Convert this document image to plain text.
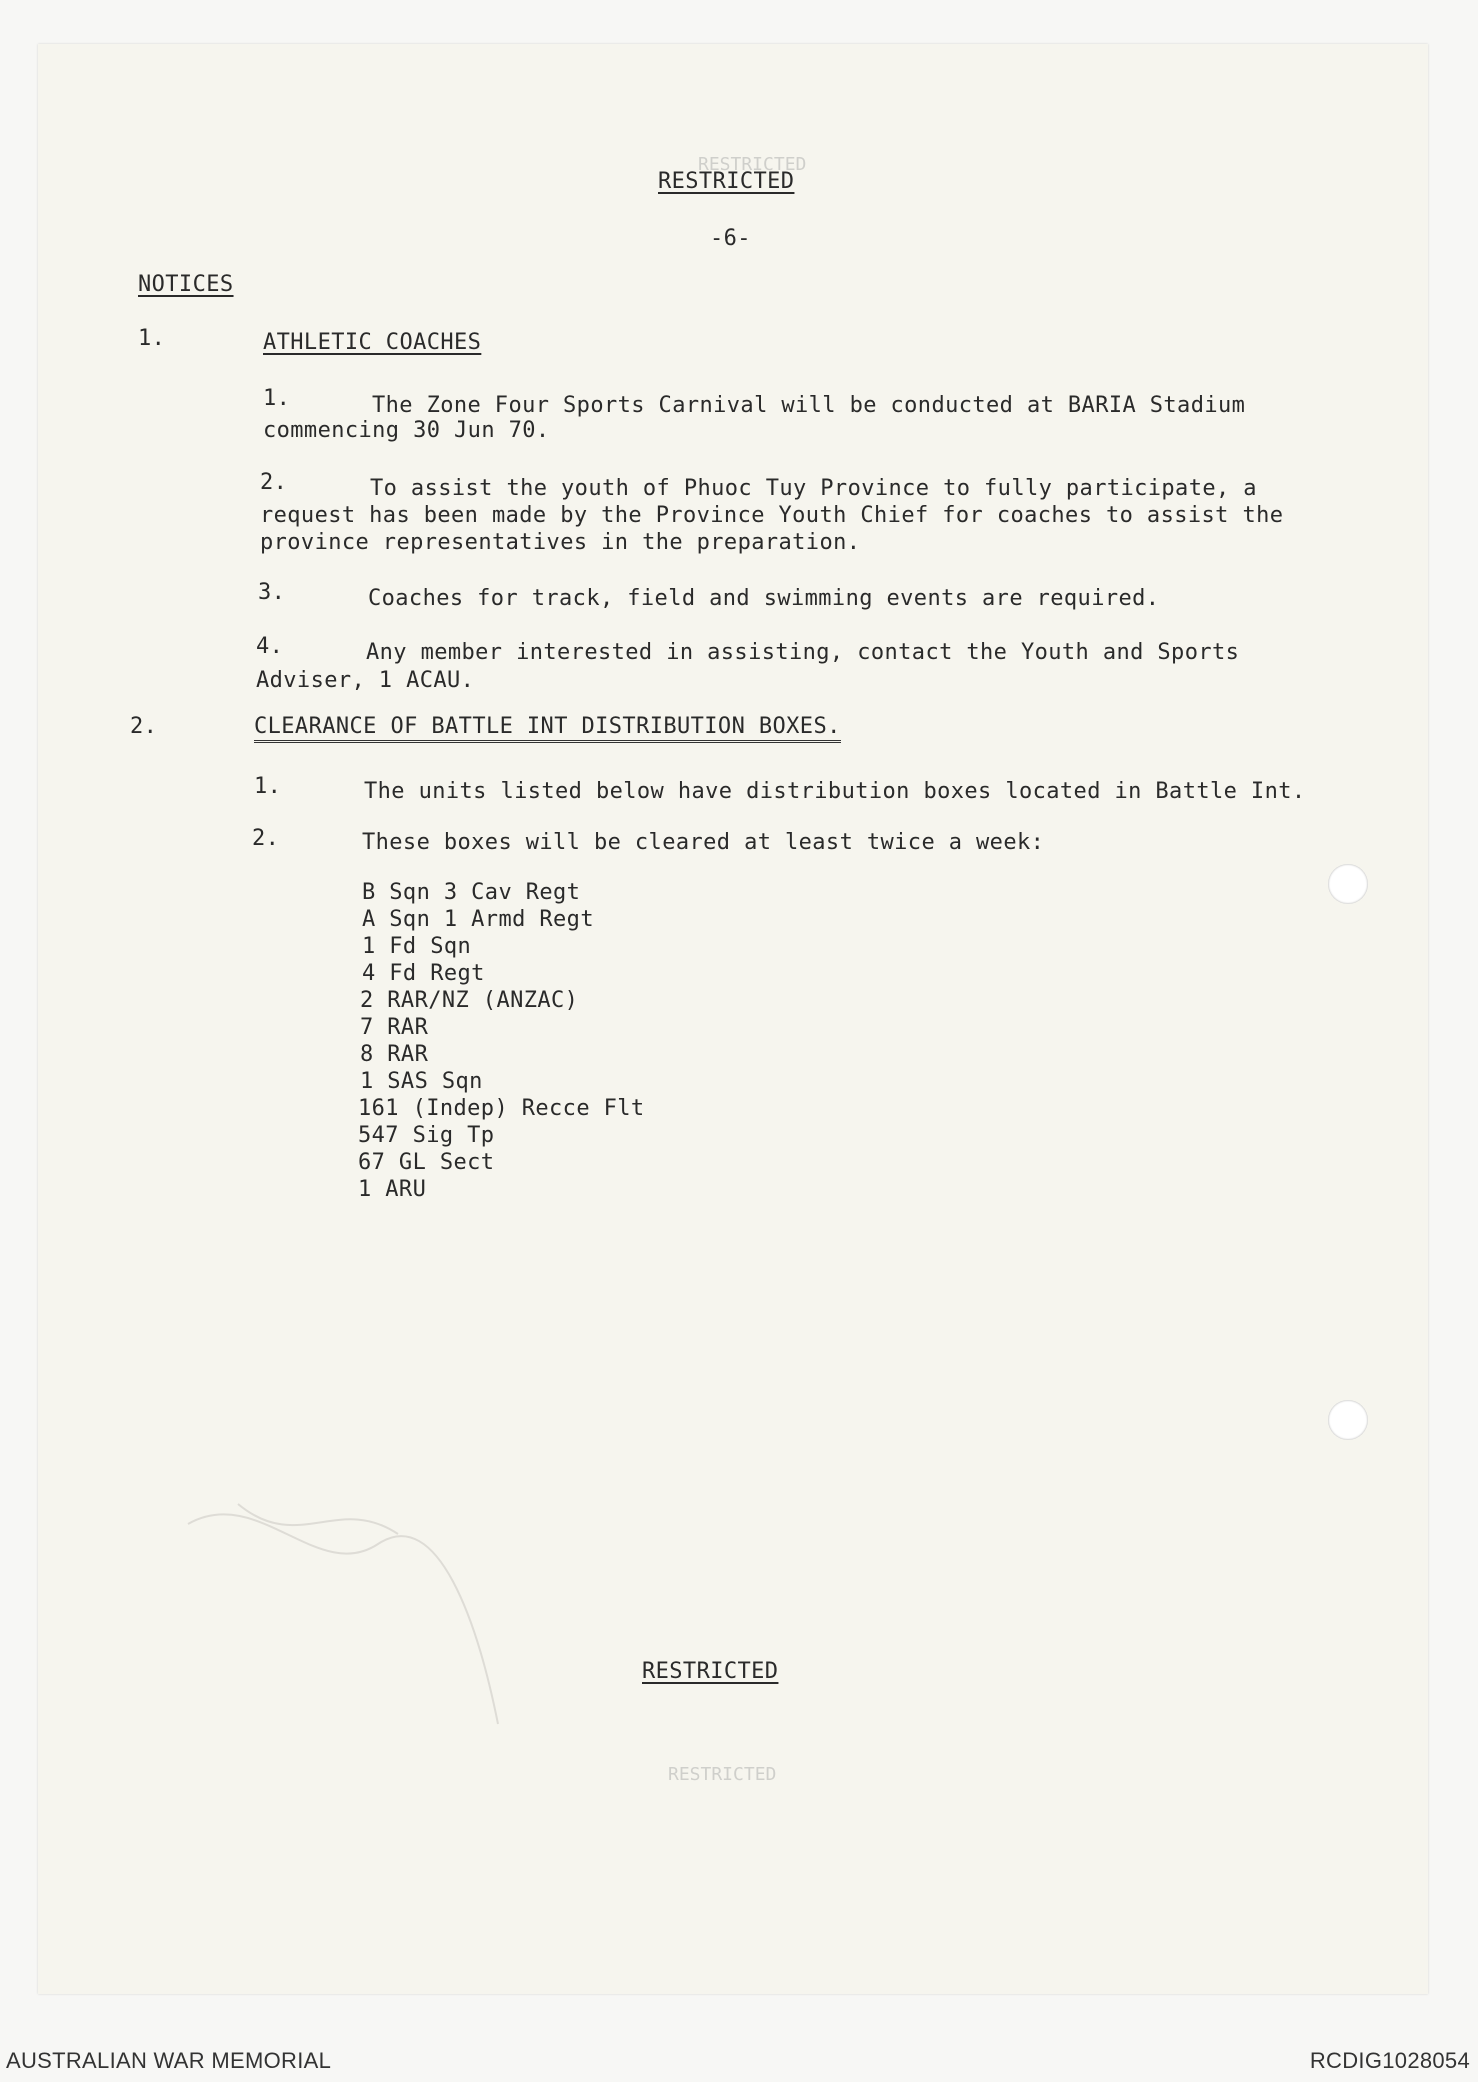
RESTRICTED
RESTRICTED
RESTRICTED
-6-
NOTICES
1.	ATHLETIC COACHES
1.	The Zone Four Sports Carnival will be conducted at BARIA Stadium
commencing 30 Jun 70.
2.	To assist the youth of Phuoc Tuy Province to fully participate, a
request has been made by the Province Youth Chief for coaches to assist the
province representatives in the preparation.
3.	Coaches for track, field and swimming events are required.
4.	Any member interested in assisting, contact the Youth and Sports
Adviser, 1 ACAU.
2.	CLEARANCE OF BATTLE INT DISTRIBUTION BOXES.
1.	The units listed below have distribution boxes located in Battle Int.
2.	These boxes will be cleared at least twice a week:
B Sqn 3 Cav Regt
A Sqn 1 Armd Regt
1 Fd Sqn
4 Fd Regt
2 RAR/NZ (ANZAC)
7 RAR
8 RAR
1 SAS Sqn
161 (Indep) Recce Flt
547 Sig Tp
67 GL Sect
1 ARU
RESTRICTED
AUSTRALIAN WAR MEMORIAL	RCDIG1028054
